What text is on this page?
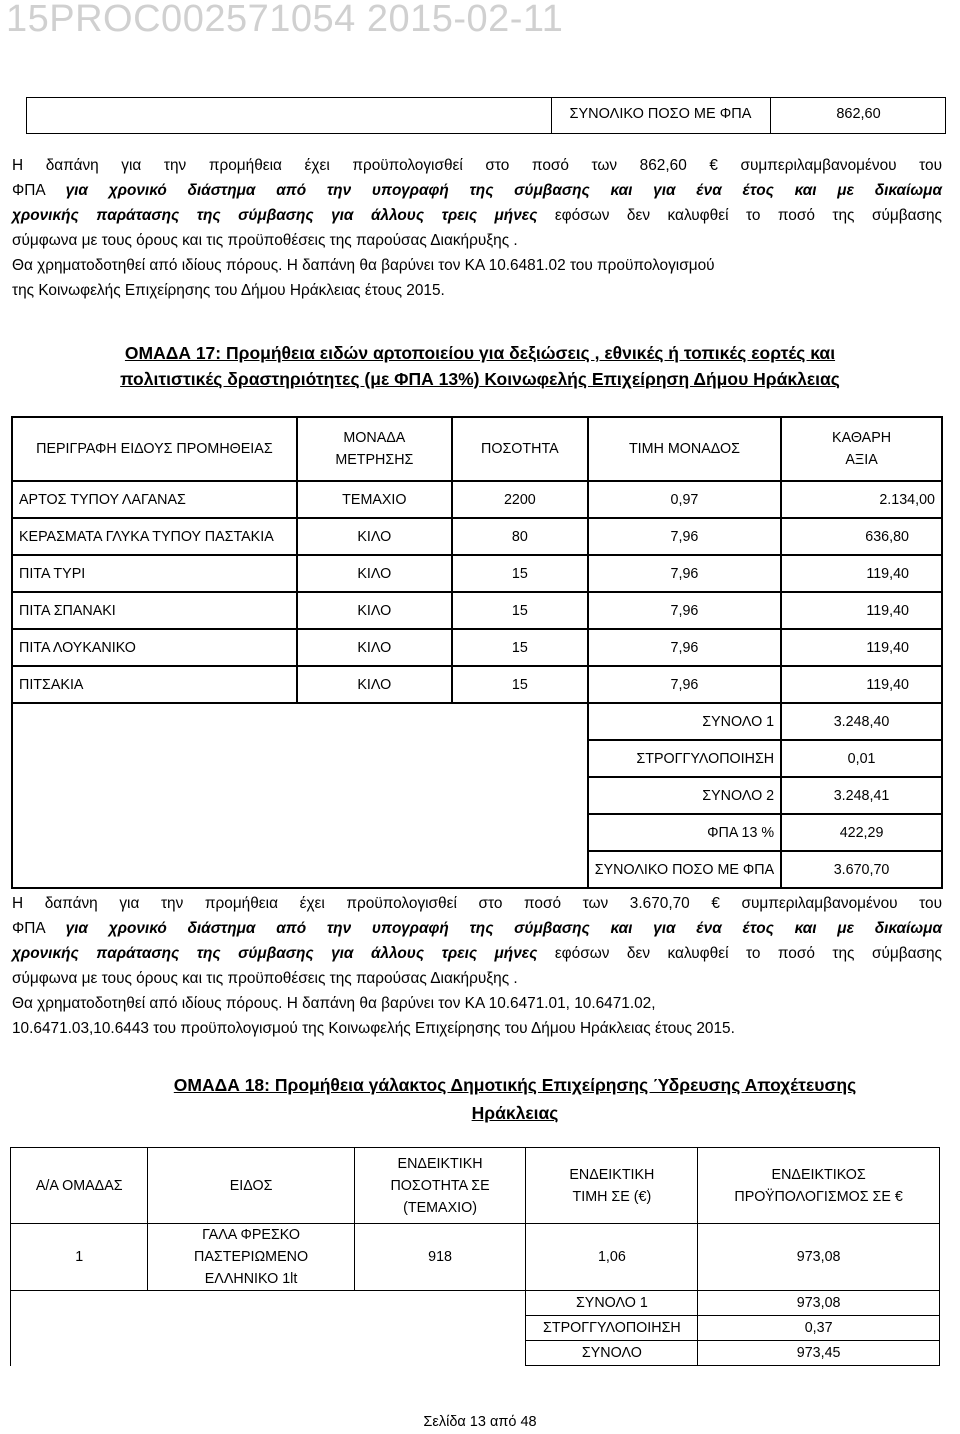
15PROC002571054 2015-02-11
ΣΥΝΟΛΙΚΟ ΠΟΣΟ ΜΕ ΦΠΑ	862,60

Η δαπάνη για την προμήθεια έχει προϋπολογισθεί στο ποσό των 862,60 € συμπεριλαμβανομένου του

ΦΠΑ για χρονικό διάστημα από την υπογραφή της σύμβασης και για ένα έτος και με δικαίωμα

χρονικής παράτασης της σύμβασης για άλλους τρεις μήνες εφόσων δεν καλυφθεί το ποσό της σύμβασης

σύμφωνα με τους όρους και τις προϋποθέσεις της παρούσας Διακήρυξης .

Θα χρηματοδοτηθεί από ιδίους πόρους. Η δαπάνη θα βαρύνει τον ΚΑ 10.6481.02 του προϋπολογισμού

της Κοινωφελής Επιχείρησης του Δήμου Ηράκλειας έτους 2015.

ΟΜΑΔΑ 17: Προμήθεια ειδών αρτοποιείου για δεξιώσεις , εθνικές ή τοπικές εορτές και
πολιτιστικές δραστηριότητες (με ΦΠΑ 13%) Κοινωφελής Επιχείρηση Δήμου Ηράκλειας
ΠΕΡΙΓΡΑΦΗ ΕΙΔΟΥΣ ΠΡΟΜΗΘΕΙΑΣ	ΜΟΝΑΔΑ
ΜΕΤΡΗΣΗΣ	ΠΟΣΟΤΗΤΑ	ΤΙΜΗ ΜΟΝΑΔΟΣ	ΚΑΘΑΡΗ
ΑΞΙΑ
ΑΡΤΟΣ ΤΥΠΟΥ ΛΑΓΑΝΑΣ	ΤΕΜΑΧΙΟ	2200	0,97	2.134,00
ΚΕΡΑΣΜΑΤΑ ΓΛΥΚΑ ΤΥΠΟΥ ΠΑΣΤΑΚΙΑ	ΚΙΛΟ	80	7,96	636,80
ΠΙΤΑ ΤΥΡΙ	ΚΙΛΟ	15	7,96	119,40
ΠΙΤΑ ΣΠΑΝΑΚΙ	ΚΙΛΟ	15	7,96	119,40
ΠΙΤΑ ΛΟΥΚΑΝΙΚΟ	ΚΙΛΟ	15	7,96	119,40
ΠΙΤΣΑΚΙΑ	ΚΙΛΟ	15	7,96	119,40
			ΣΥΝΟΛΟ 1	3.248,40
			ΣΤΡΟΓΓΥΛΟΠΟΙΗΣΗ	0,01
			ΣΥΝΟΛΟ 2	3.248,41
			ΦΠΑ 13 %	422,29
			ΣΥΝΟΛΙΚΟ ΠΟΣΟ ΜΕ ΦΠΑ	3.670,70

Η δαπάνη για την προμήθεια έχει προϋπολογισθεί στο ποσό των 3.670,70 € συμπεριλαμβανομένου του

ΦΠΑ για χρονικό διάστημα από την υπογραφή της σύμβασης και για ένα έτος και με δικαίωμα

χρονικής παράτασης της σύμβασης για άλλους τρεις μήνες εφόσων δεν καλυφθεί το ποσό της σύμβασης

σύμφωνα με τους όρους και τις προϋποθέσεις της παρούσας Διακήρυξης .

Θα χρηματοδοτηθεί από ιδίους πόρους. Η δαπάνη θα βαρύνει τον ΚΑ 10.6471.01, 10.6471.02,

10.6471.03,10.6443 του προϋπολογισμού της Κοινωφελής Επιχείρησης του Δήμου Ηράκλειας έτους 2015.

ΟΜΑΔΑ 18: Προμήθεια γάλακτος Δημοτικής Επιχείρησης Ύδρευσης Αποχέτευσης
Ηράκλειας
Α/Α ΟΜΑΔΑΣ	ΕΙΔΟΣ	ΕΝΔΕΙΚΤΙΚΗ
ΠΟΣΟΤΗΤΑ ΣΕ
(ΤΕΜΑΧΙΟ)	ΕΝΔΕΙΚΤΙΚΗ
ΤΙΜΗ ΣΕ (€)	ΕΝΔΕΙΚΤΙΚΟΣ
ΠΡΟΫΠΟΛΟΓΙΣΜΟΣ ΣΕ €
1	ΓΑΛΑ ΦΡΕΣΚΟ
ΠΑΣΤΕΡΙΩΜΕΝΟ
ΕΛΛΗΝΙΚΟ 1lt	918	1,06	973,08
			ΣΥΝΟΛΟ 1	973,08
			ΣΤΡΟΓΓΥΛΟΠΟΙΗΣΗ	0,37
			ΣΥΝΟΛΟ	973,45
Σελίδα 13 από 48
